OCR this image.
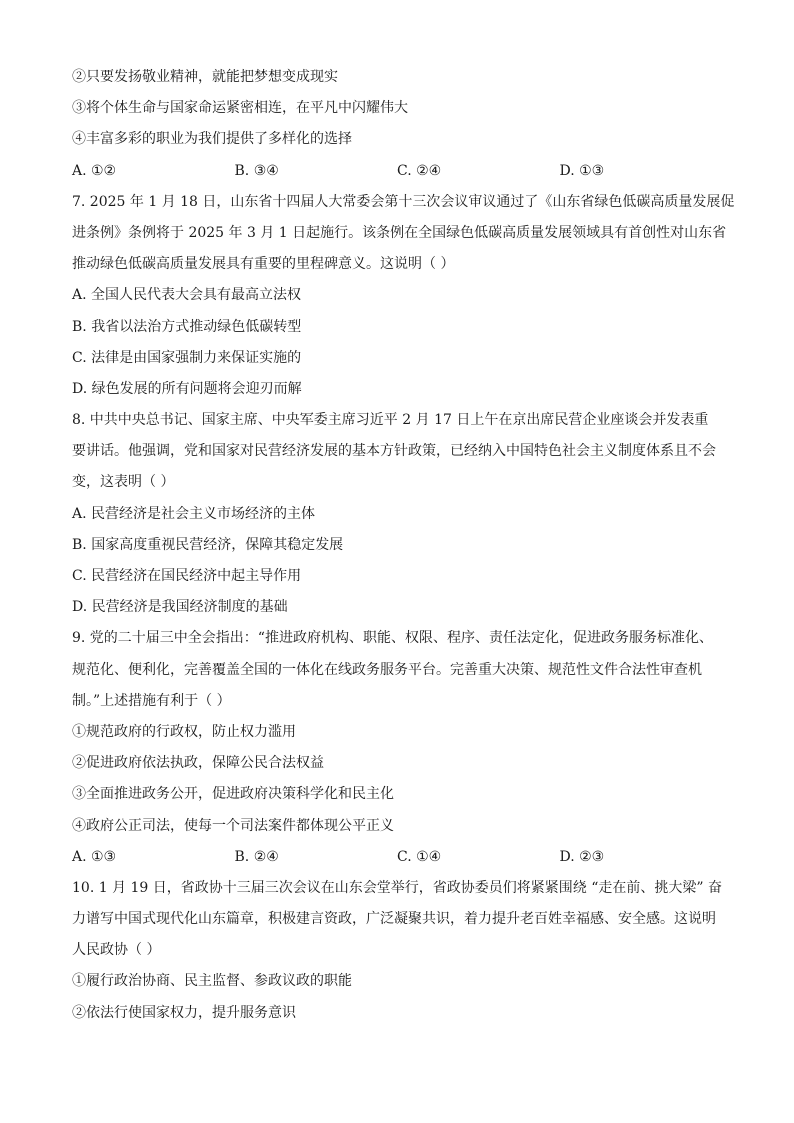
②只要发扬敬业精神，就能把梦想变成现实
③将个体生命与国家命运紧密相连，在平凡中闪耀伟大
④丰富多彩的职业为我们提供了多样化的选择
A. ①②	B. ③④	C. ②④	D. ①③
7. 2025 年 1 月 18 日，山东省十四届人大常委会第十三次会议审议通过了《山东省绿色低碳高质量发展促
进条例》条例将于 2025 年 3 月 1 日起施行。该条例在全国绿色低碳高质量发展领域具有首创性对山东省
推动绿色低碳高质量发展具有重要的里程碑意义。这说明（ ）
A. 全国人民代表大会具有最高立法权
B. 我省以法治方式推动绿色低碳转型
C. 法律是由国家强制力来保证实施的
D. 绿色发展的所有问题将会迎刃而解
8. 中共中央总书记、国家主席、中央军委主席习近平 2 月 17 日上午在京出席民营企业座谈会并发表重
要讲话。他强调，党和国家对民营经济发展的基本方针政策，已经纳入中国特色社会主义制度体系且不会
变，这表明（ ）
A. 民营经济是社会主义市场经济的主体
B. 国家高度重视民营经济，保障其稳定发展
C. 民营经济在国民经济中起主导作用
D. 民营经济是我国经济制度的基础
9. 党的二十届三中全会指出：“推进政府机构、职能、权限、程序、责任法定化，促进政务服务标准化、
规范化、便利化，完善覆盖全国的一体化在线政务服务平台。完善重大决策、规范性文件合法性审查机
制。”上述措施有利于（ ）
①规范政府的行政权，防止权力滥用
②促进政府依法执政，保障公民合法权益
③全面推进政务公开，促进政府决策科学化和民主化
④政府公正司法，使每一个司法案件都体现公平正义
A. ①③	B. ②④	C. ①④	D. ②③
10. 1 月 19 日，省政协十三届三次会议在山东会堂举行，省政协委员们将紧紧围绕 “走在前、挑大梁” 奋
力谱写中国式现代化山东篇章，积极建言资政，广泛凝聚共识，着力提升老百姓幸福感、安全感。这说明
人民政协（ ）
①履行政治协商、民主监督、参政议政的职能
②依法行使国家权力，提升服务意识
